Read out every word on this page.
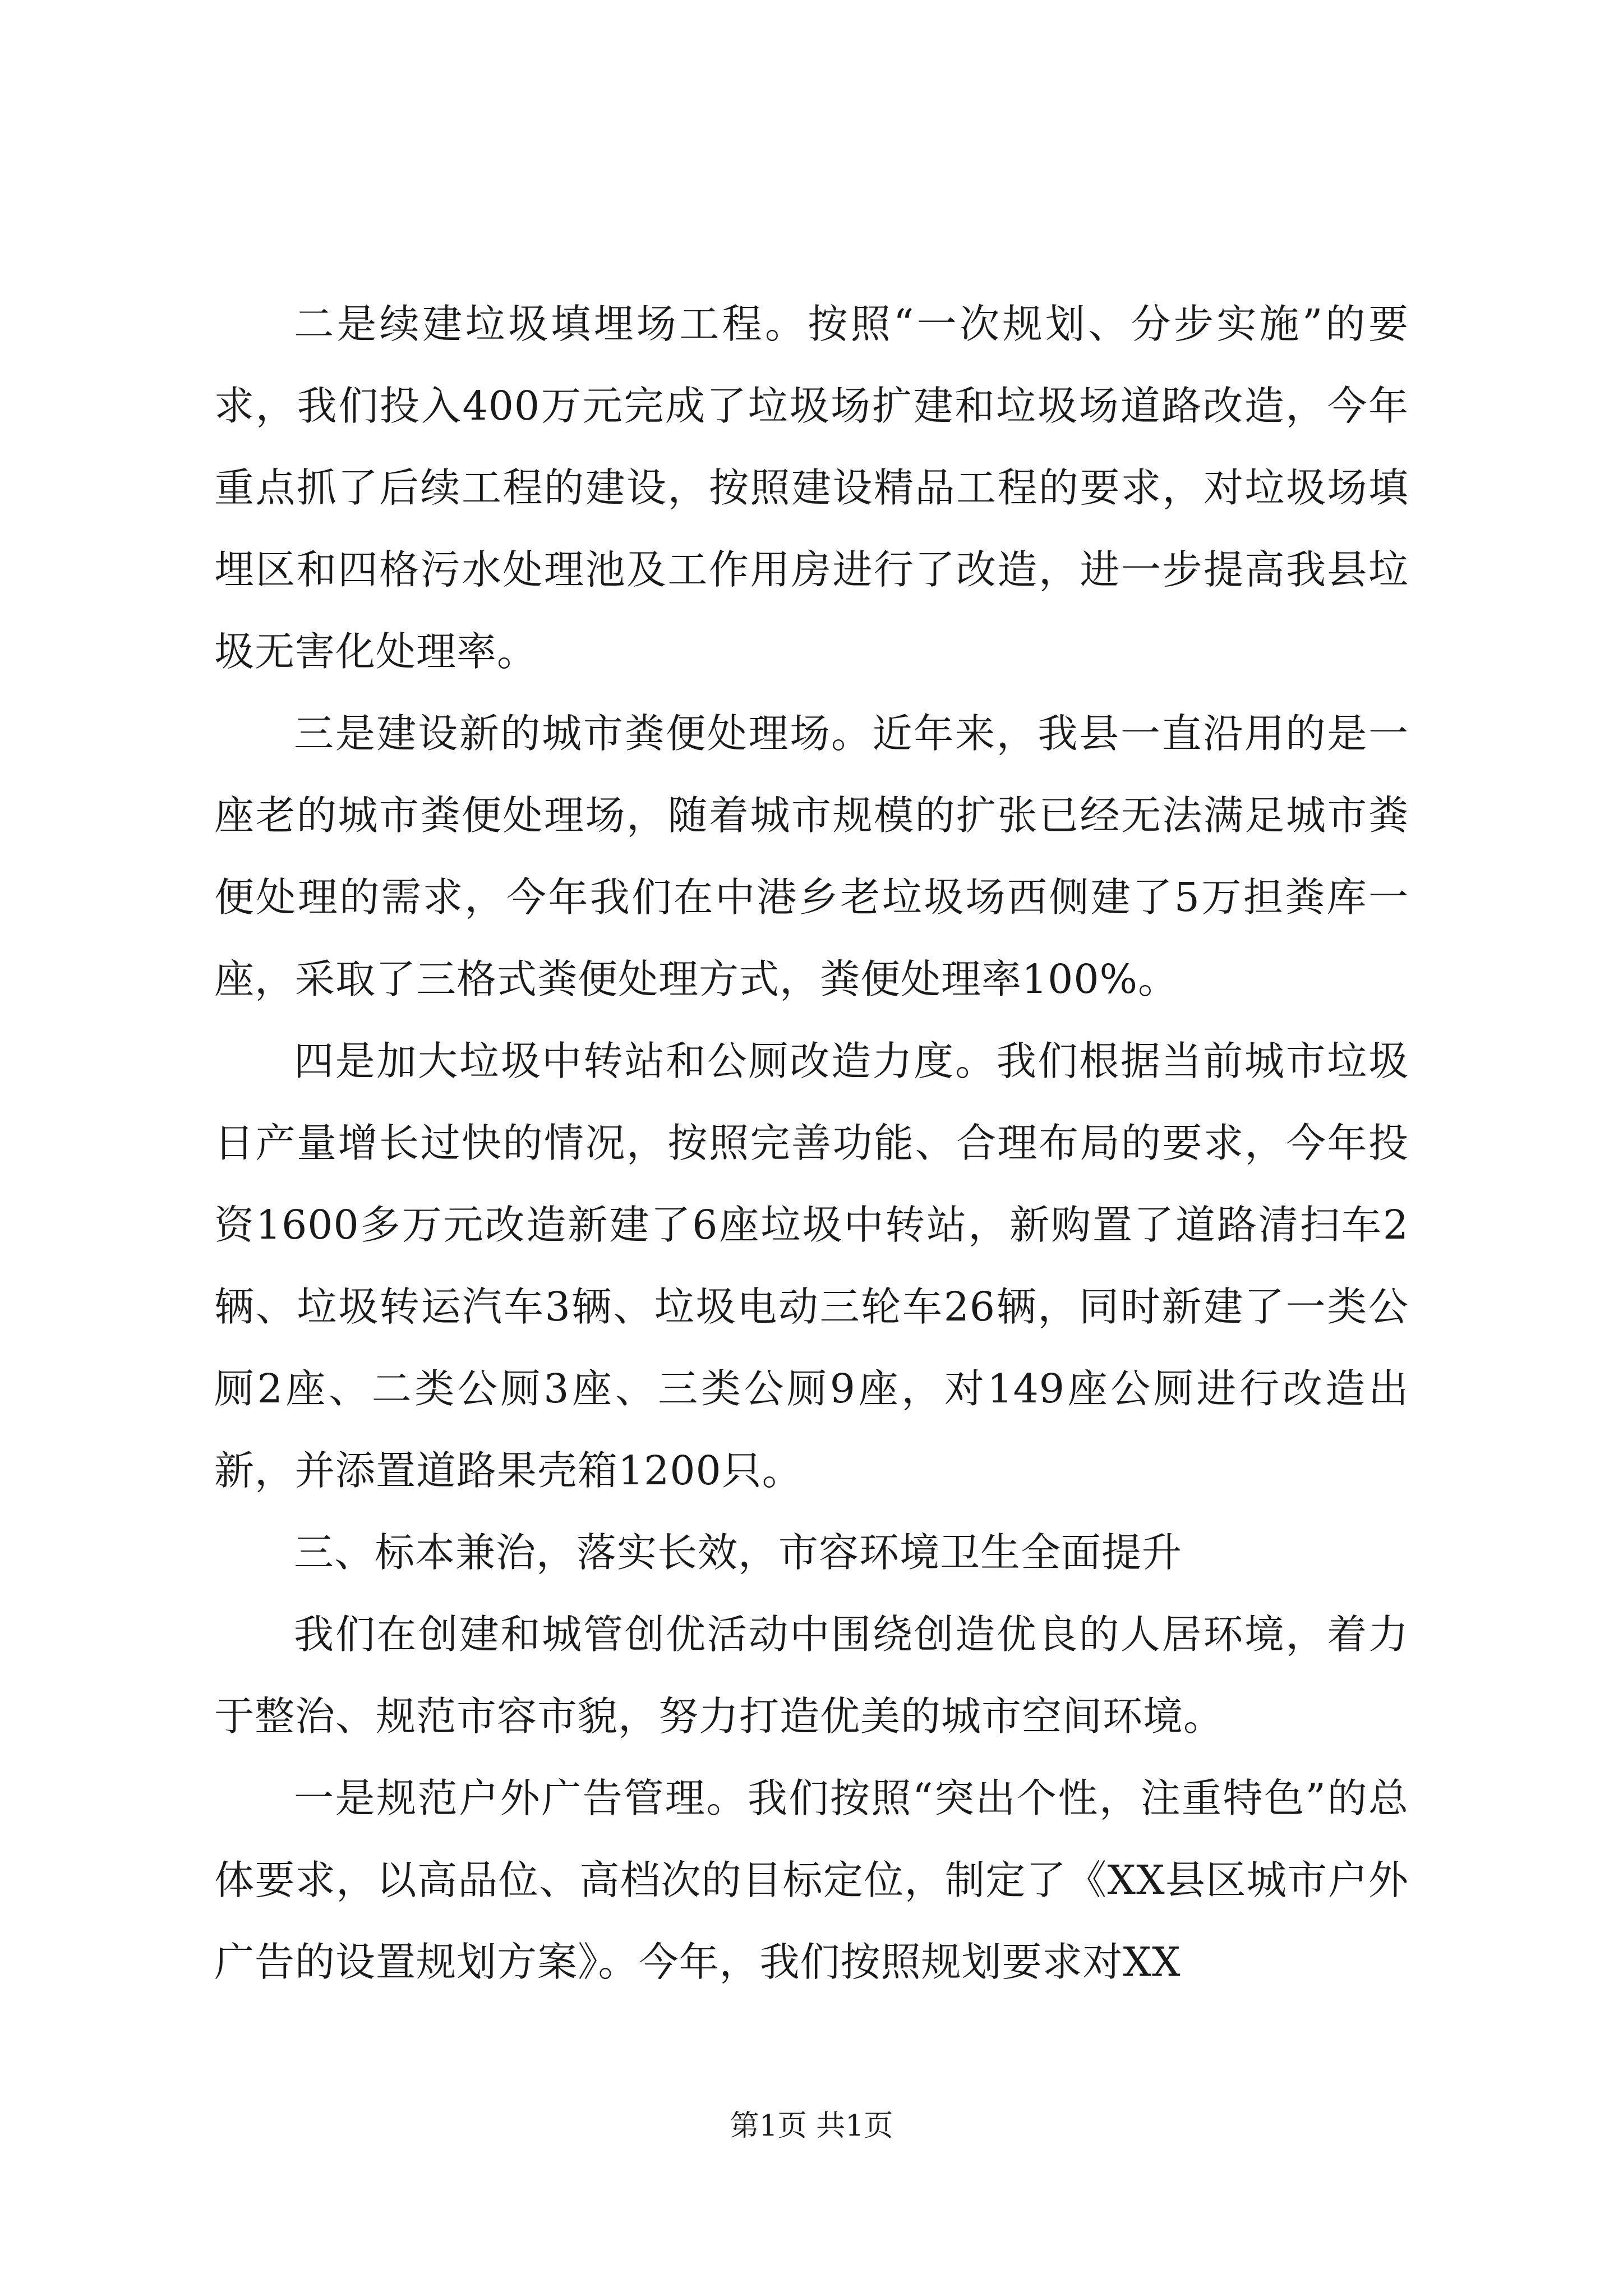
二是续建垃圾填埋场工程。按照“一次规划、分步实施”的要求，我们投入400万元完成了垃圾场扩建和垃圾场道路改造，今年重点抓了后续工程的建设，按照建设精品工程的要求，对垃圾场填埋区和四格污水处理池及工作用房进行了改造，进一步提高我县垃圾无害化处理率。

三是建设新的城市粪便处理场。近年来，我县一直沿用的是一座老的城市粪便处理场，随着城市规模的扩张已经无法满足城市粪便处理的需求，今年我们在中港乡老垃圾场西侧建了5万担粪库一座，采取了三格式粪便处理方式，粪便处理率100%。

四是加大垃圾中转站和公厕改造力度。我们根据当前城市垃圾日产量增长过快的情况，按照完善功能、合理布局的要求，今年投资1600多万元改造新建了6座垃圾中转站，新购置了道路清扫车2辆、垃圾转运汽车3辆、垃圾电动三轮车26辆，同时新建了一类公厕2座、二类公厕3座、三类公厕9座，对149座公厕进行改造出新，并添置道路果壳箱1200只。

三、标本兼治，落实长效，市容环境卫生全面提升

我们在创建和城管创优活动中围绕创造优良的人居环境，着力于整治、规范市容市貌，努力打造优美的城市空间环境。

一是规范户外广告管理。我们按照“突出个性，注重特色”的总体要求，以高品位、高档次的目标定位，制定了《XX县区城市户外广告的设置规划方案》。今年，我们按照规划要求对XX

第1页 共1页
